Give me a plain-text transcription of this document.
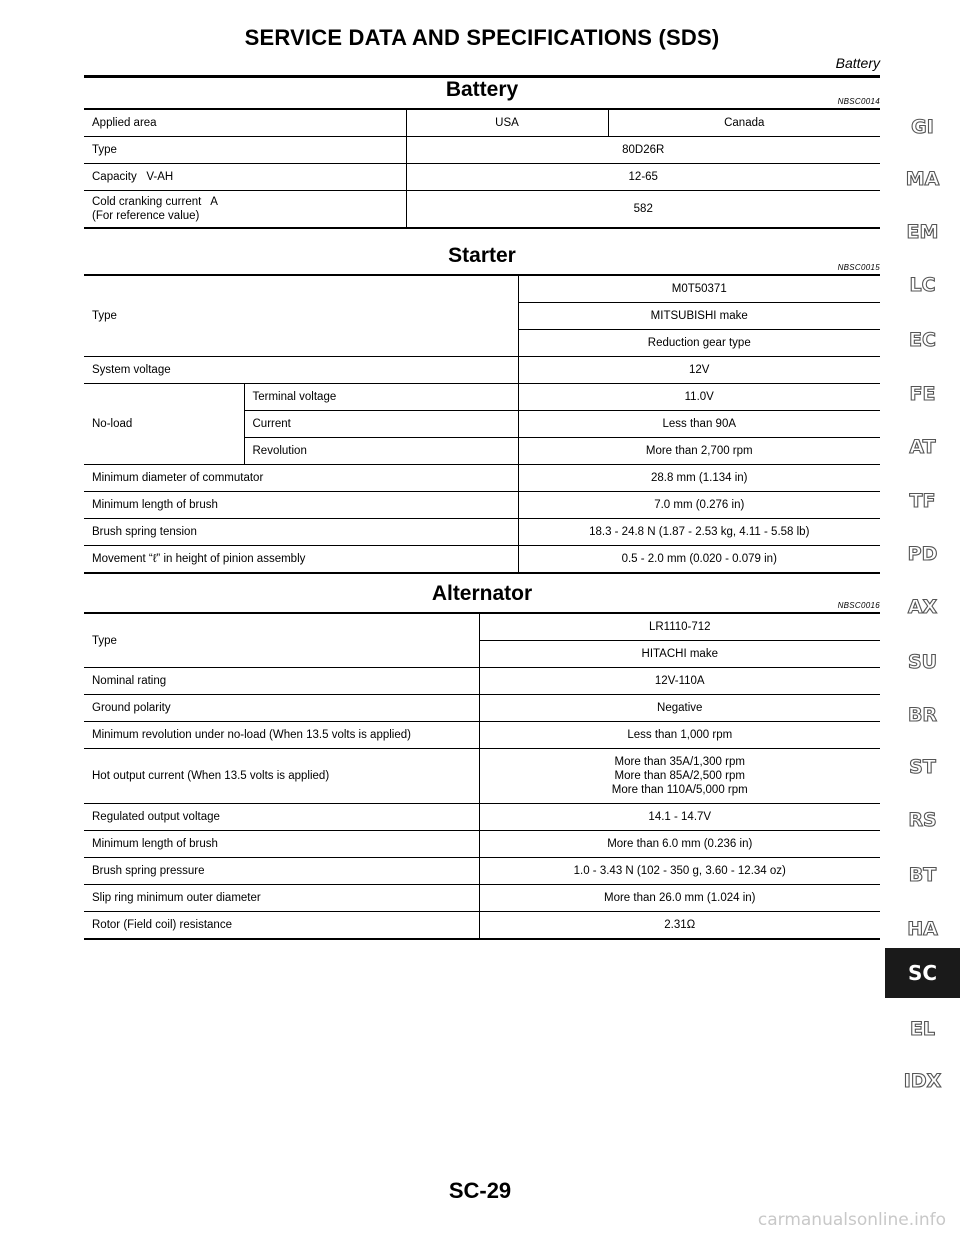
SERVICE DATA AND SPECIFICATIONS (SDS)
Battery
Battery
NBSC0014
Applied area	USA	Canada
Type	80D26R	
Capacity   V-AH	12-65	

Cold cranking current   A
(For reference value)	582	
Starter
NBSC0015
Type		M0T50371
		MITSUBISHI make
		Reduction gear type
System voltage		12V
No-load	Terminal voltage	11.0V
	Current	Less than 90A
	Revolution	More than 2,700 rpm
Minimum diameter of commutator		28.8 mm (1.134 in)
Minimum length of brush		7.0 mm (0.276 in)
Brush spring tension		18.3 - 24.8 N (1.87 - 2.53 kg, 4.11 - 5.58 lb)
Movement “ℓ” in height of pinion assembly		0.5 - 2.0 mm (0.020 - 0.079 in)
Alternator
NBSC0016
Type	LR1110-712
	HITACHI make
Nominal rating	12V-110A
Ground polarity	Negative
Minimum revolution under no-load (When 13.5 volts is applied)	Less than 1,000 rpm
Hot output current (When 13.5 volts is applied)	More than 35A/1,300 rpm
More than 85A/2,500 rpm
More than 110A/5,000 rpm

Regulated output voltage	14.1 - 14.7V
Minimum length of brush	More than 6.0 mm (0.236 in)
Brush spring pressure	1.0 - 3.43 N (102 - 350 g, 3.60 - 12.34 oz)
Slip ring minimum outer diameter	More than 26.0 mm (1.024 in)
Rotor (Field coil) resistance	2.31Ω
GI
MA
EM
LC
EC
FE
AT
TF
PD
AX
SU
BR
ST
RS
BT
HA
SC
EL
IDX
SC-29
carmanualsonline.info
